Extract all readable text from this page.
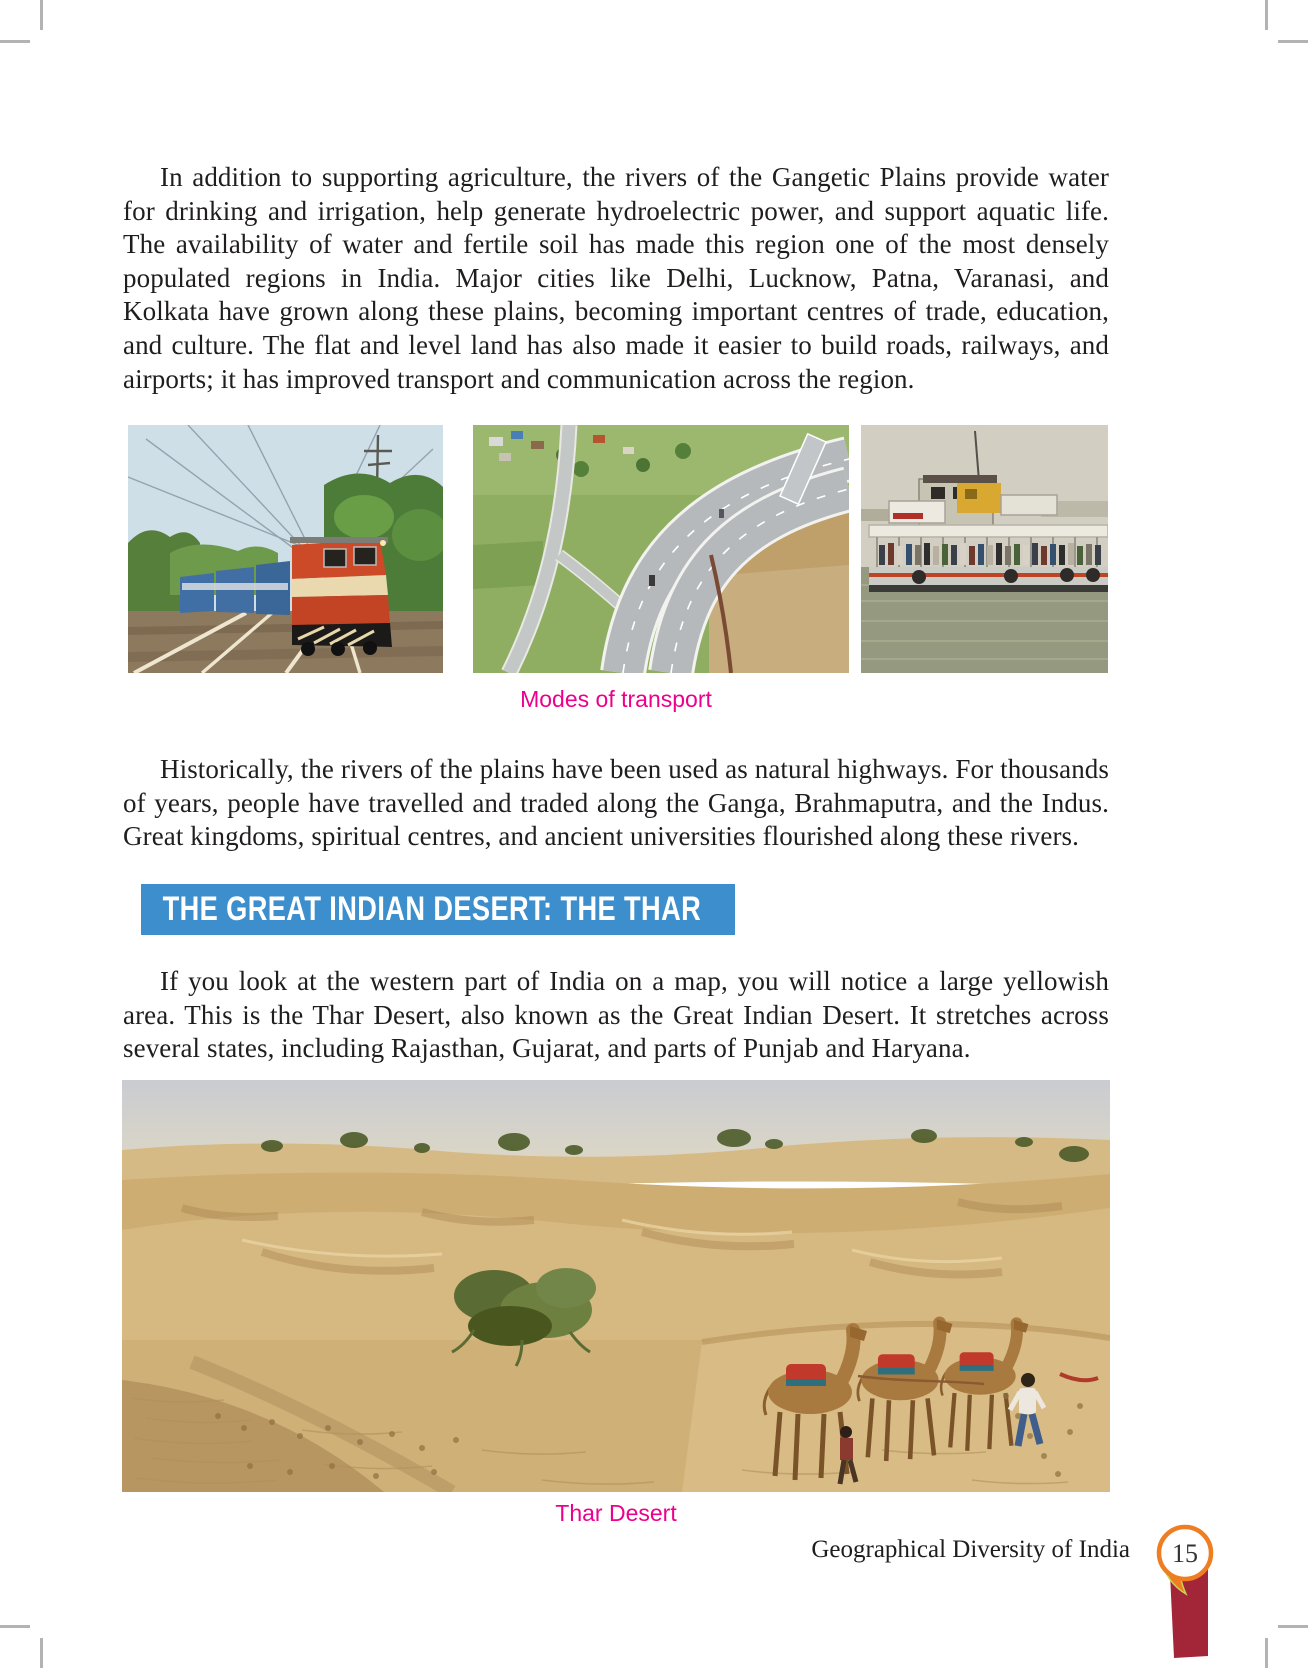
In addition to supporting agriculture, the rivers of the Gangetic Plains provide water for drinking and irrigation, help generate hydroelectric power, and support aquatic life. The availability of water and fertile soil has made this region one of the most densely populated regions in India. Major cities like Delhi, Lucknow, Patna, Varanasi, and Kolkata have grown along these plains, becoming important centres of trade, education, and culture. The flat and level land has also made it easier to build roads, railways, and airports; it has improved transport and communication across the region.

Modes of transport

Historically, the rivers of the plains have been used as natural highways. For thousands of years, people have travelled and traded along the Ganga, Brahmaputra, and the Indus. Great kingdoms, spiritual centres, and ancient universities flourished along these rivers.

THE GREAT INDIAN DESERT: THE THAR

If you look at the western part of India on a map, you will notice a large yellowish area. This is the Thar Desert, also known as the Great Indian Desert. It stretches across several states, including Rajasthan, Gujarat, and parts of Punjab and Haryana.

Thar Desert
Geographical Diversity of India 15
